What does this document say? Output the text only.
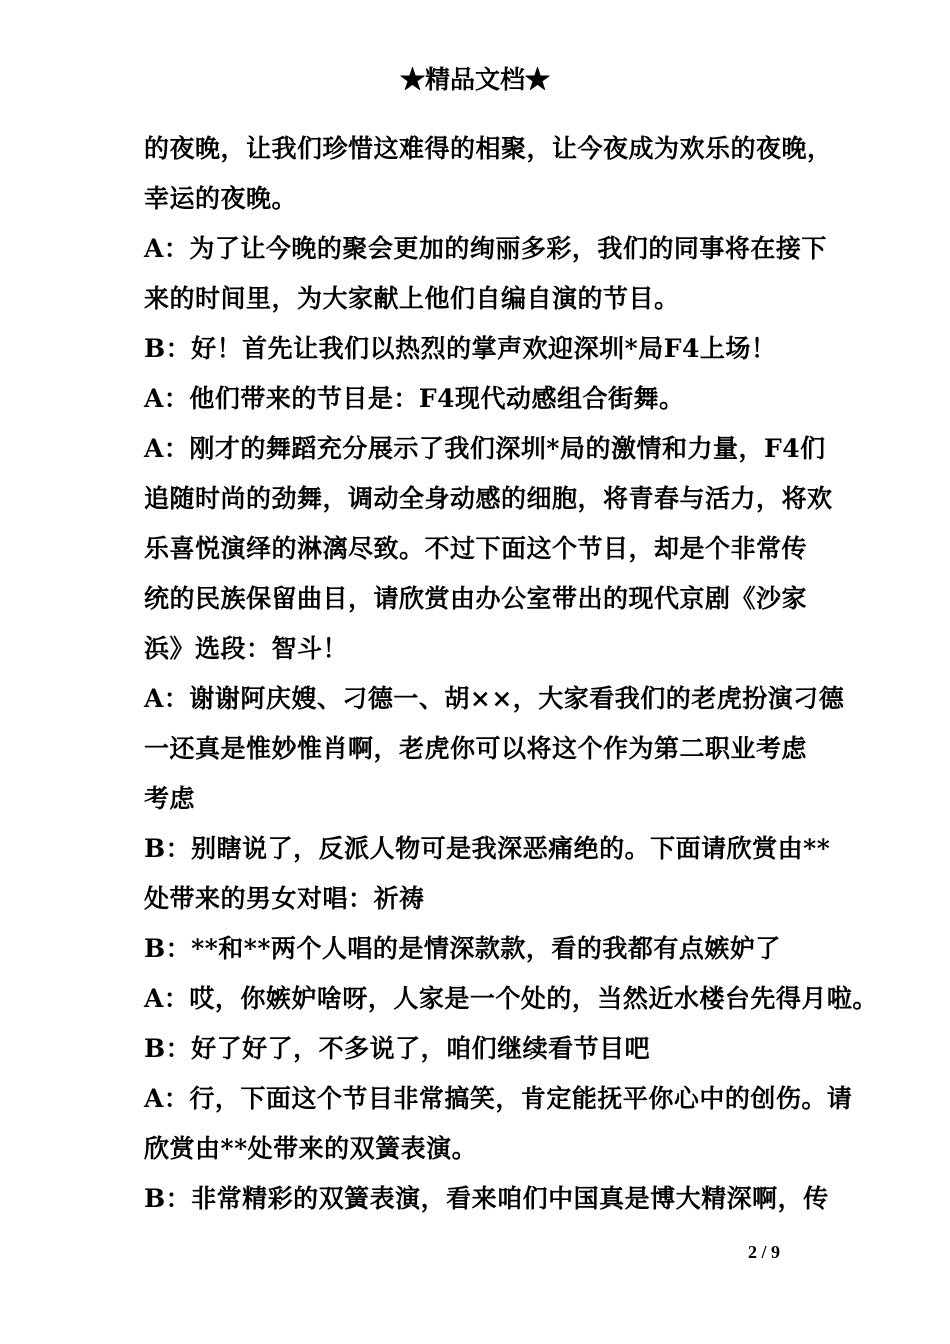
★精品文档★
的夜晚，让我们珍惜这难得的相聚，让今夜成为欢乐的夜晚，
幸运的夜晚。
A：为了让今晚的聚会更加的绚丽多彩，我们的同事将在接下
来的时间里，为大家献上他们自编自演的节目。
B：好！首先让我们以热烈的掌声欢迎深圳*局F4上场！
A：他们带来的节目是：F4现代动感组合街舞。
A：刚才的舞蹈充分展示了我们深圳*局的激情和力量，F4们
追随时尚的劲舞，调动全身动感的细胞，将青春与活力，将欢
乐喜悦演绎的淋漓尽致。不过下面这个节目，却是个非常传
统的民族保留曲目，请欣赏由办公室带出的现代京剧《沙家
浜》选段：智斗！
A：谢谢阿庆嫂、刁德一、胡××，大家看我们的老虎扮演刁德
一还真是惟妙惟肖啊，老虎你可以将这个作为第二职业考虑
考虑
B：别瞎说了，反派人物可是我深恶痛绝的。下面请欣赏由**
处带来的男女对唱：祈祷
B：**和**两个人唱的是情深款款，看的我都有点嫉妒了
A：哎，你嫉妒啥呀，人家是一个处的，当然近水楼台先得月啦。
B：好了好了，不多说了，咱们继续看节目吧
A：行，下面这个节目非常搞笑，肯定能抚平你心中的创伤。请
欣赏由**处带来的双簧表演。
B：非常精彩的双簧表演，看来咱们中国真是博大精深啊，传
2 / 9
